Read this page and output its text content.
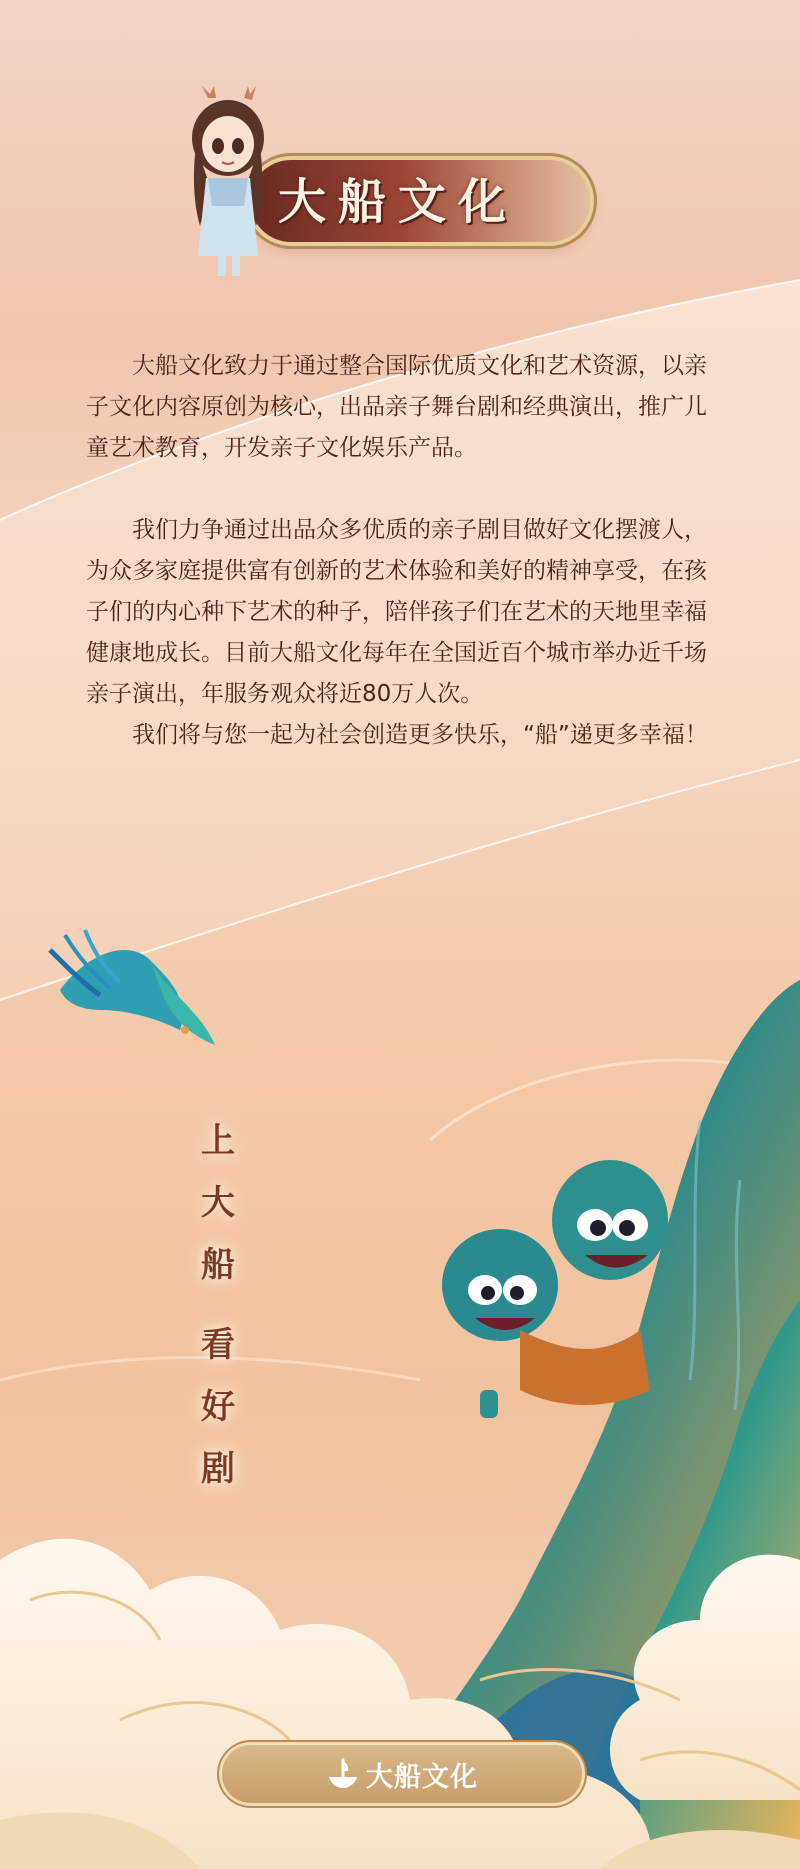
大船文化

大船文化致力于通过整合国际优质文化和艺术资源，以亲子文化内容原创为核心，出品亲子舞台剧和经典演出，推广儿童艺术教育，开发亲子文化娱乐产品。

我们力争通过出品众多优质的亲子剧目做好文化摆渡人，为众多家庭提供富有创新的艺术体验和美好的精神享受，在孩子们的内心种下艺术的种子，陪伴孩子们在艺术的天地里幸福健康地成长。目前大船文化每年在全国近百个城市举办近千场亲子演出，年服务观众将近80万人次。

我们将与您一起为社会创造更多快乐，“船”递更多幸福！

上
大
船
看
好
剧
大船文化
